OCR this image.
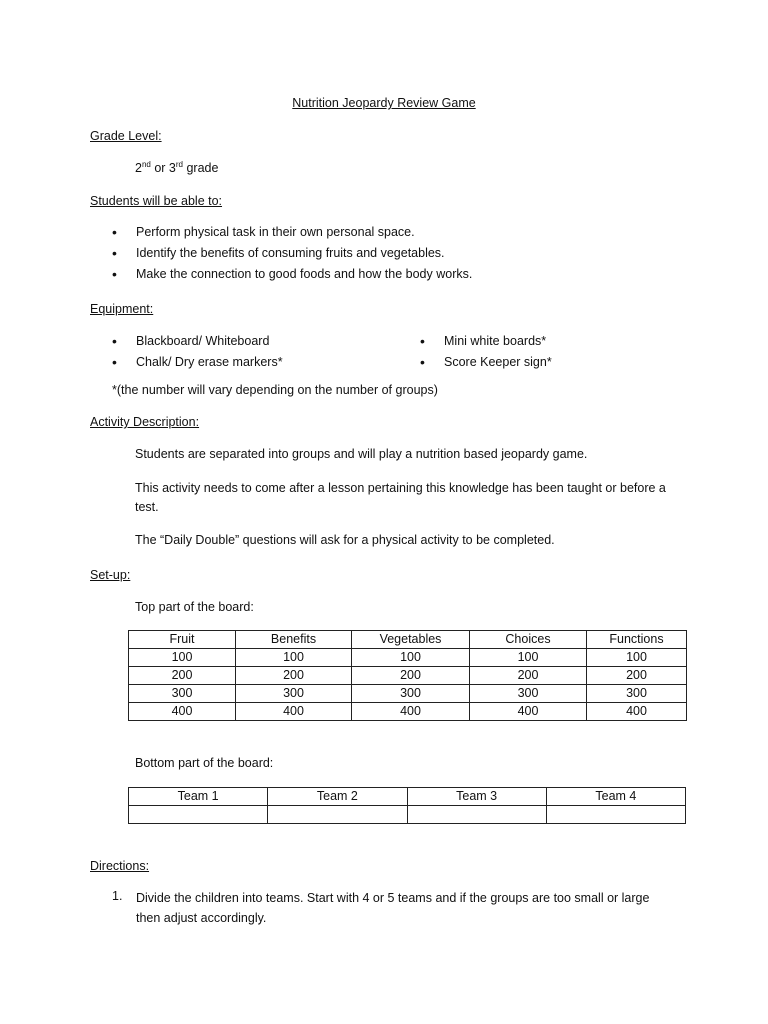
Nutrition Jeopardy Review Game
Grade Level:
2nd or 3rd grade
Students will be able to:
• Perform physical task in their own personal space.
• Identify the benefits of consuming fruits and vegetables.
• Make the connection to good foods and how the body works.
Equipment:
• Blackboard/ Whiteboard
• Chalk/ Dry erase markers*
• Mini white boards*
• Score Keeper sign*
*(the number will vary depending on the number of groups)
Activity Description:
Students are separated into groups and will play a nutrition based jeopardy game.
This activity needs to come after a lesson pertaining this knowledge has been taught or before a test.
The “Daily Double” questions will ask for a physical activity to be completed.
Set-up:
Top part of the board:
Fruit	Benefits	Vegetables	Choices	Functions
100	100	100	100	100
200	200	200	200	200
300	300	300	300	300
400	400	400	400	400
Bottom part of the board:
Team 1	Team 2	Team 3	Team 4

Directions:
1. Divide the children into teams. Start with 4 or 5 teams and if the groups are too small or large then adjust accordingly.
